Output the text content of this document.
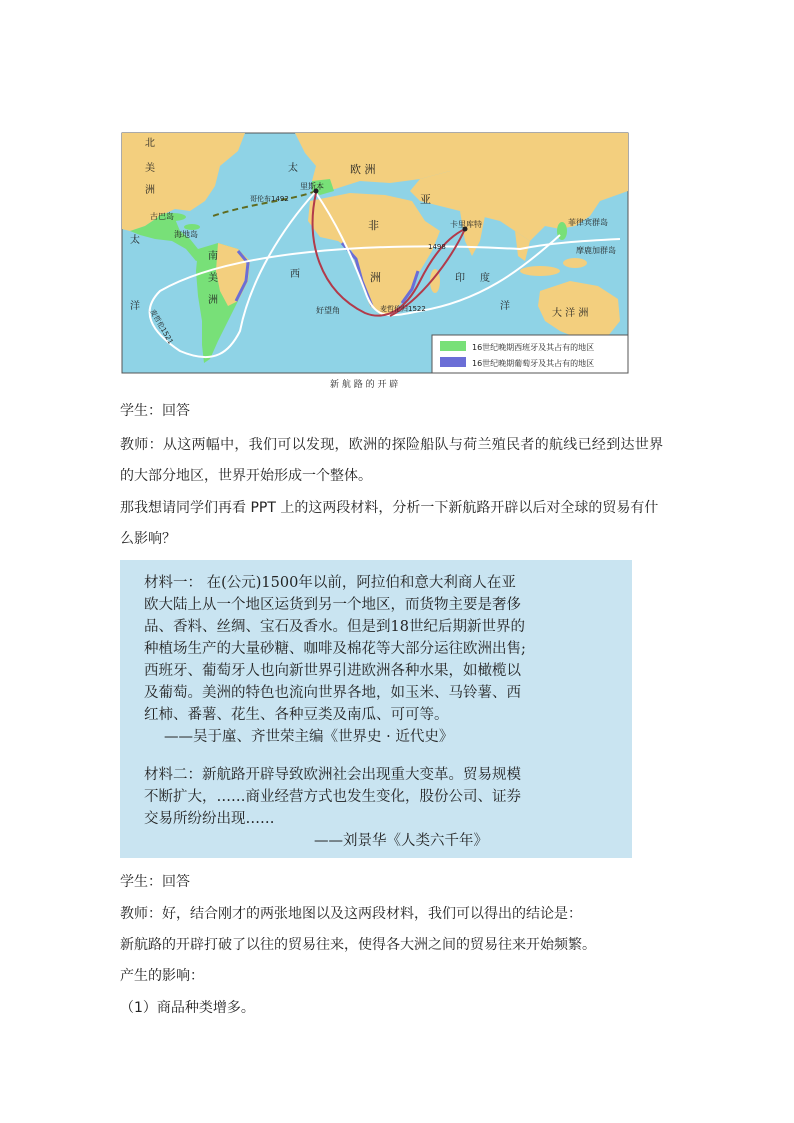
16世纪晚期西班牙及其占有的地区
16世纪晚期葡萄牙及其占有的地区
北
美
洲
欧 洲
亚
非
洲
南
美
洲
大 洋 洲
太
西
太
洋
印 度
洋
里斯本
古巴岛
海地岛
卡里库特	菲律宾群岛
摩鹿加群岛
好望角
麦哲伦1521	麦哲伦归1522
哥伦布1492
1498
新 航 路 的 开 辟
学生：回答
教师：从这两幅中，我们可以发现，欧洲的探险船队与荷兰殖民者的航线已经到达世界
的大部分地区，世界开始形成一个整体。
那我想请同学们再看 PPT 上的这两段材料，分析一下新航路开辟以后对全球的贸易有什
么影响？
材料一： 在(公元)1500年以前，阿拉伯和意大利商人在亚
欧大陆上从一个地区运货到另一个地区，而货物主要是奢侈
品、香料、丝绸、宝石及香水。但是到18世纪后期新世界的
种植场生产的大量砂糖、咖啡及棉花等大部分运往欧洲出售;
西班牙、葡萄牙人也向新世界引进欧洲各种水果，如橄榄以
及葡萄。美洲的特色也流向世界各地，如玉米、马铃薯、西
红柿、番薯、花生、各种豆类及南瓜、可可等。
——吴于廑、齐世荣主编《世界史 · 近代史》
材料二：新航路开辟导致欧洲社会出现重大变革。贸易规模
不断扩大，……商业经营方式也发生变化，股份公司、证券
交易所纷纷出现……
——刘景华《人类六千年》
学生：回答
教师：好，结合刚才的两张地图以及这两段材料，我们可以得出的结论是：
新航路的开辟打破了以往的贸易往来，使得各大洲之间的贸易往来开始频繁。
产生的影响：
（1）商品种类增多。
